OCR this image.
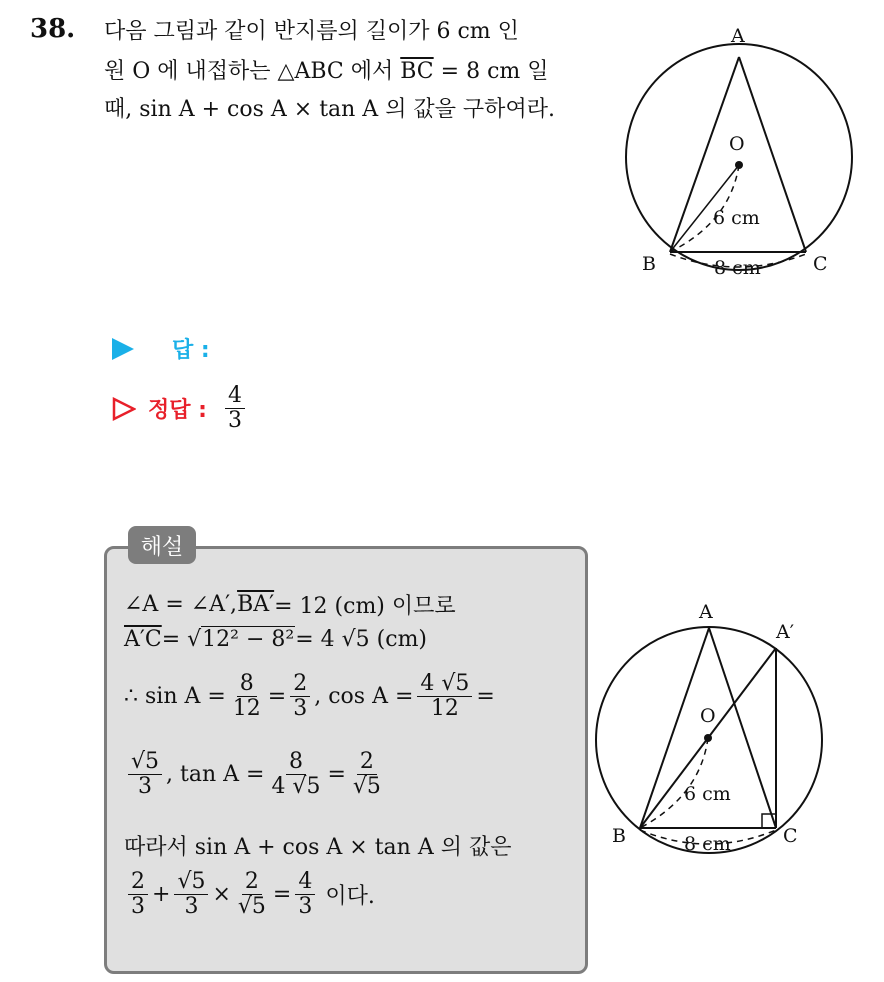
38. 다음 그림과 같이 반지름의 길이가 6 cm 인
원 O 에 내접하는 △ABC 에서 $\overline{BC} = 8$ cm 일
때, sin A + cos A × tan A 의 값을 구하여라.
A
O
B	C
6 cm
8 cm
답 :
정답 : $\frac{4}{3}$
해설
∠A = ∠A′, BA′ = 12 (cm) 이므로
A′C = √ 12² − 8² = 4 √5 (cm)
∴ $\sin A = \frac{8}{12} = \frac{2}{3}$ , $\cos A = \frac{4 √5}{12}$ =
$\frac{√5}{3}$ , $\tan A = \frac{8}{4 √5} = \frac{2}{√5}$
따라서 sin A + cos A × tan A 의 값은
$\frac{2}{3} + \frac{√5}{3} \times \frac{2}{√5} = \frac{4}{3}$ 이다.
A
A′
O
B	C
6 cm
8 cm
